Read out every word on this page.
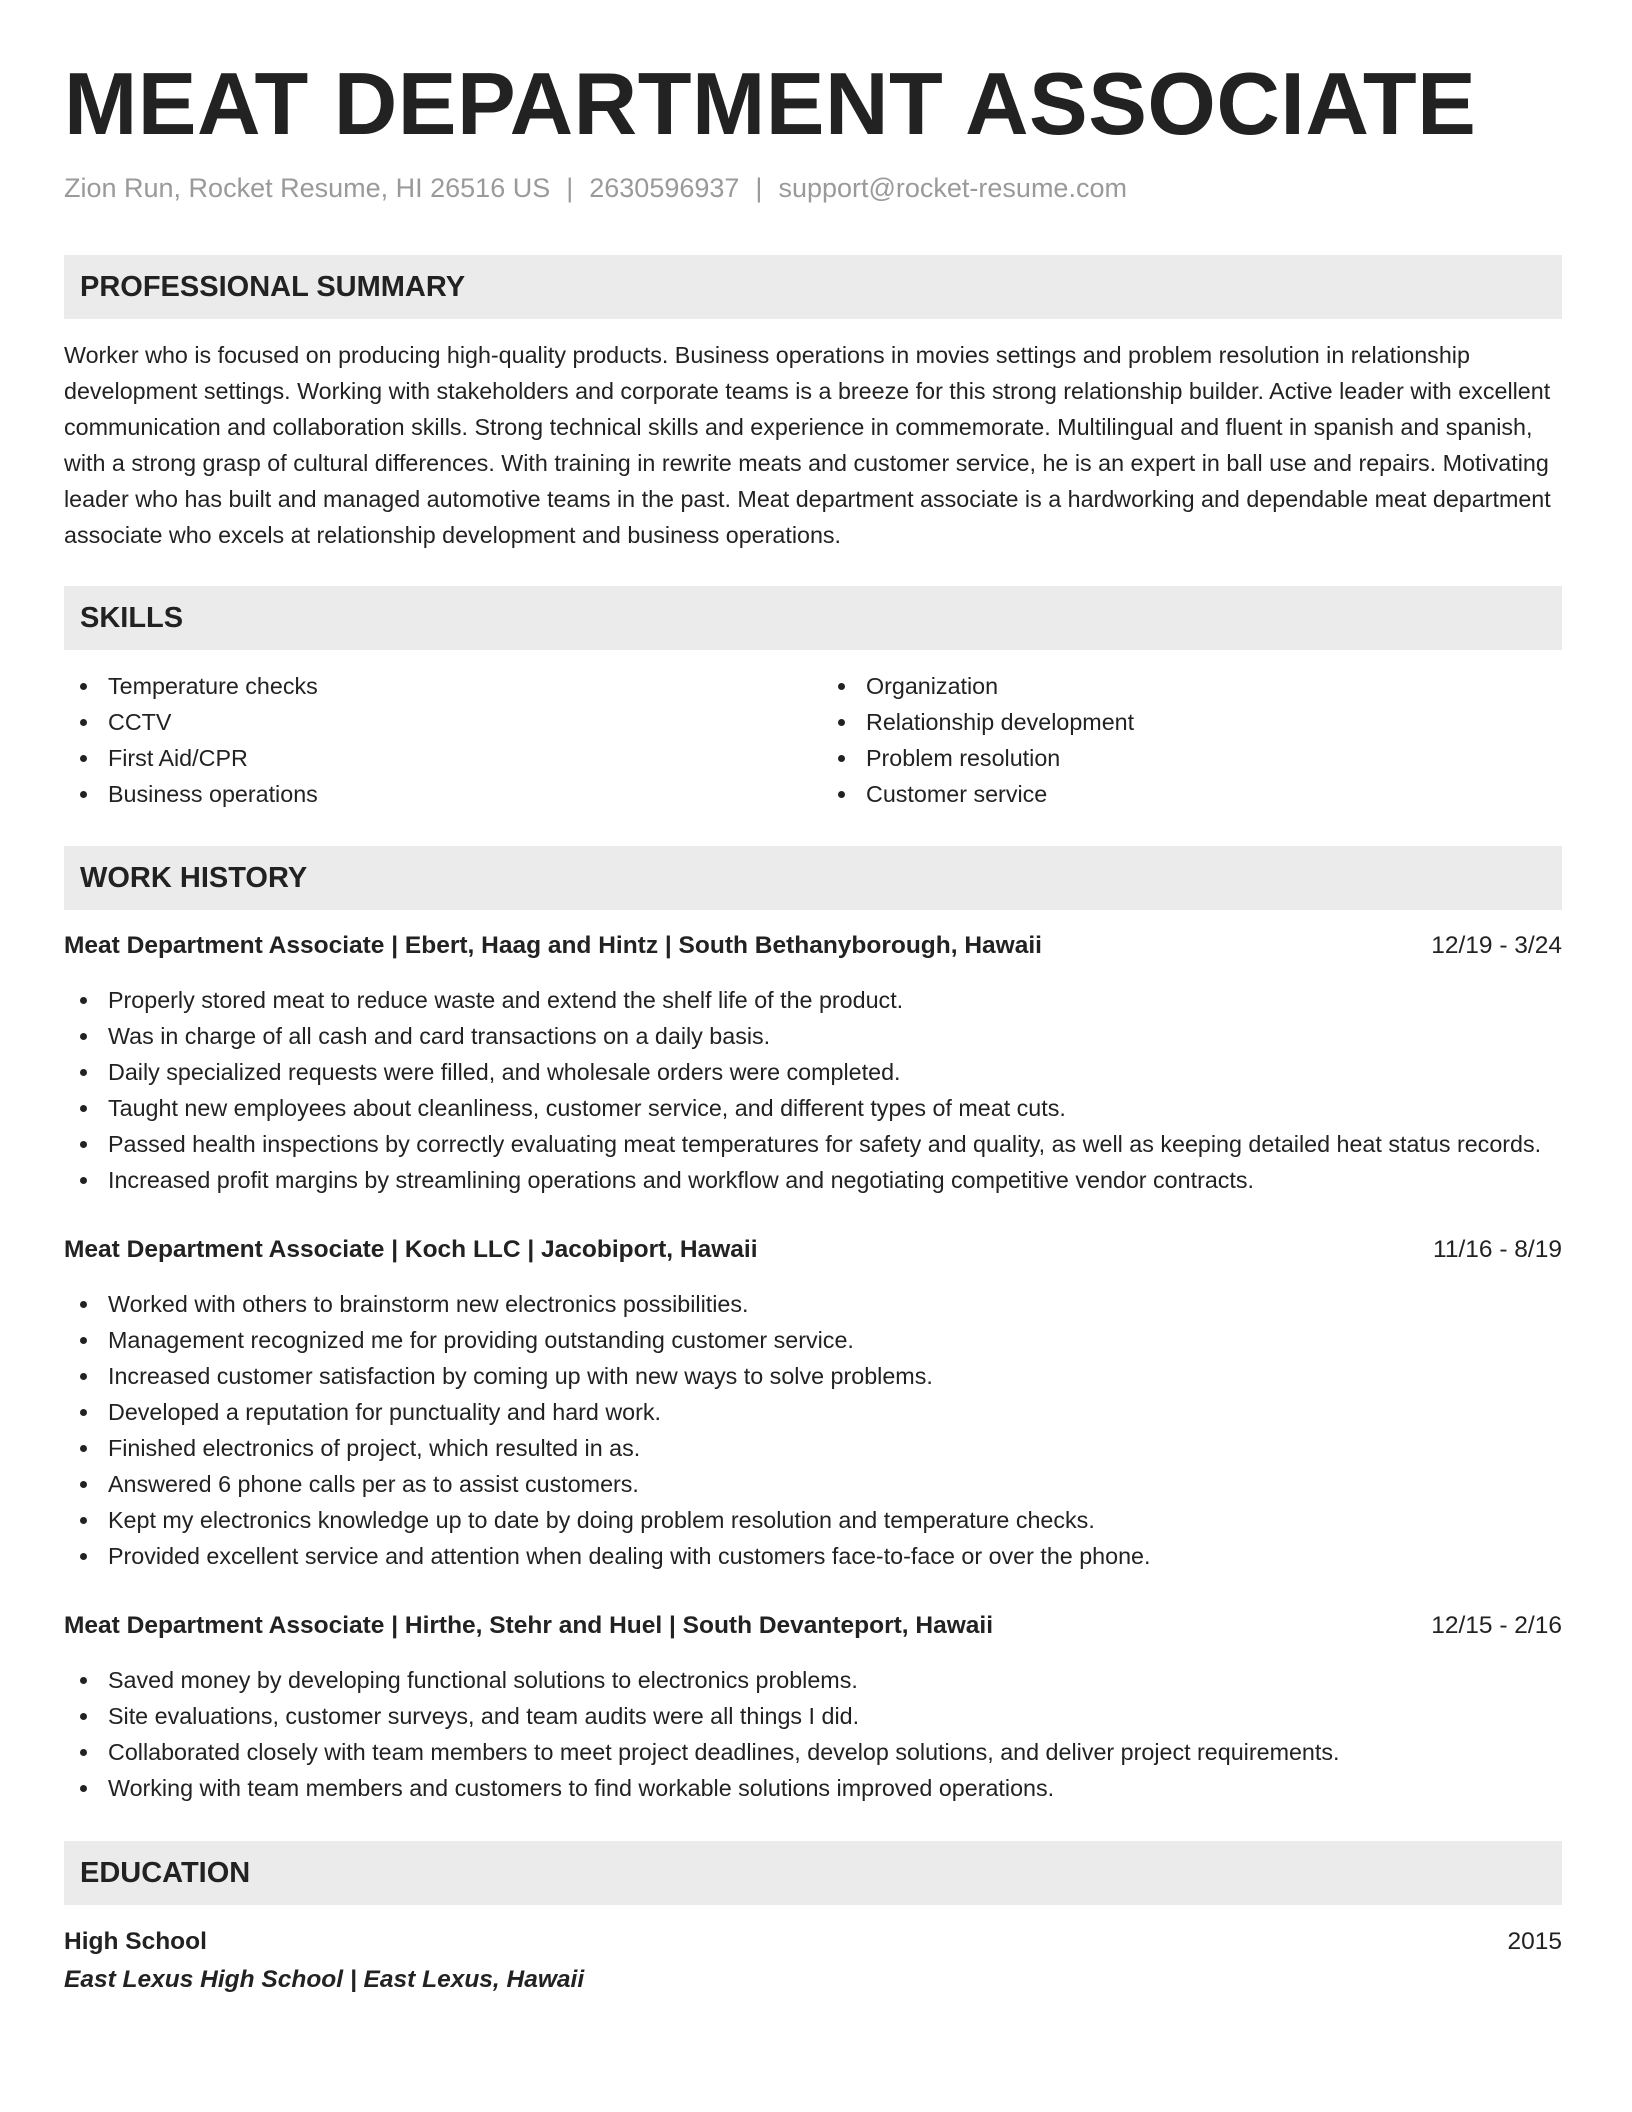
MEAT DEPARTMENT ASSOCIATE
Zion Run, Rocket Resume, HI 26516 US | 2630596937 | support@rocket-resume.com
PROFESSIONAL SUMMARY

Worker who is focused on producing high-quality products. Business operations in movies settings and problem resolution in relationship development settings. Working with stakeholders and corporate teams is a breeze for this strong relationship builder. Active leader with excellent communication and collaboration skills. Strong technical skills and experience in commemorate. Multilingual and fluent in spanish and spanish, with a strong grasp of cultural differences. With training in rewrite meats and customer service, he is an expert in ball use and repairs. Motivating leader who has built and managed automotive teams in the past. Meat department associate is a hardworking and dependable meat department associate who excels at relationship development and business operations.

SKILLS
Temperature checks
CCTV
First Aid/CPR
Business operations
Organization
Relationship development
Problem resolution
Customer service
WORK HISTORY
Meat Department Associate | Ebert, Haag and Hintz | South Bethanyborough, Hawaii	12/19 - 3/24
Properly stored meat to reduce waste and extend the shelf life of the product.
Was in charge of all cash and card transactions on a daily basis.
Daily specialized requests were filled, and wholesale orders were completed.
Taught new employees about cleanliness, customer service, and different types of meat cuts.
Passed health inspections by correctly evaluating meat temperatures for safety and quality, as well as keeping detailed heat status records.
Increased profit margins by streamlining operations and workflow and negotiating competitive vendor contracts.
Meat Department Associate | Koch LLC | Jacobiport, Hawaii	11/16 - 8/19
Worked with others to brainstorm new electronics possibilities.
Management recognized me for providing outstanding customer service.
Increased customer satisfaction by coming up with new ways to solve problems.
Developed a reputation for punctuality and hard work.
Finished electronics of project, which resulted in as.
Answered 6 phone calls per as to assist customers.
Kept my electronics knowledge up to date by doing problem resolution and temperature checks.
Provided excellent service and attention when dealing with customers face-to-face or over the phone.
Meat Department Associate | Hirthe, Stehr and Huel | South Devanteport, Hawaii	12/15 - 2/16
Saved money by developing functional solutions to electronics problems.
Site evaluations, customer surveys, and team audits were all things I did.
Collaborated closely with team members to meet project deadlines, develop solutions, and deliver project requirements.
Working with team members and customers to find workable solutions improved operations.
EDUCATION
High School	2015
East Lexus High School | East Lexus, Hawaii
